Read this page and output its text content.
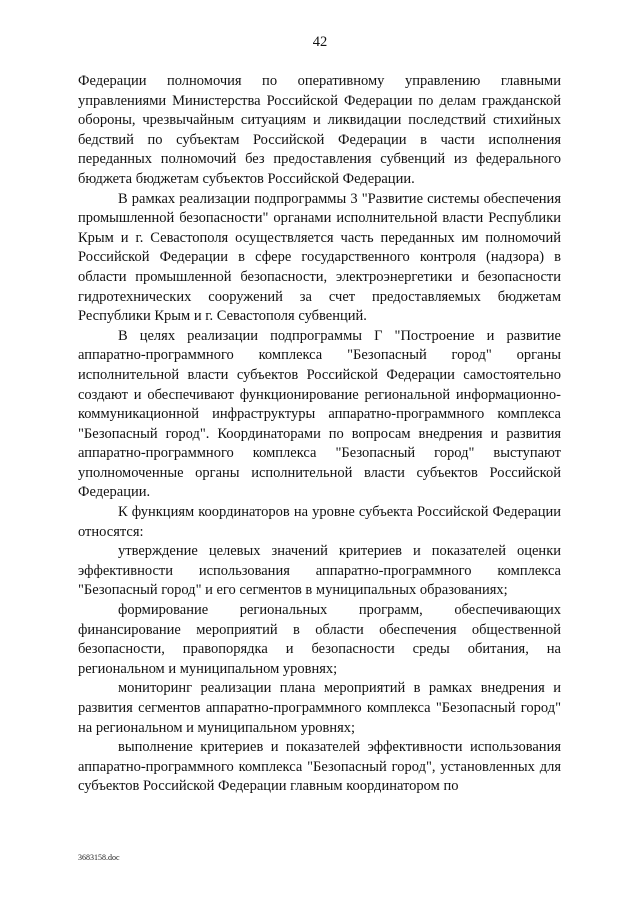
42

Федерации полномочия по оперативному управлению главными управлениями Министерства Российской Федерации по делам гражданской обороны, чрезвычайным ситуациям и ликвидации последствий стихийных бедствий по субъектам Российской Федерации в части исполнения переданных полномочий без предоставления субвенций из федерального бюджета бюджетам субъектов Российской Федерации.

В рамках реализации подпрограммы 3 "Развитие системы обеспечения промышленной безопасности" органами исполнительной власти Республики Крым и г. Севастополя осуществляется часть переданных им полномочий Российской Федерации в сфере государственного контроля (надзора) в области промышленной безопасности, электроэнергетики и безопасности гидротехнических сооружений за счет предоставляемых бюджетам Республики Крым и г. Севастополя субвенций.

В целях реализации подпрограммы Г "Построение и развитие аппаратно-программного комплекса "Безопасный город" органы исполнительной власти субъектов Российской Федерации самостоятельно создают и обеспечивают функционирование региональной информационно-коммуникационной инфраструктуры аппаратно-программного комплекса "Безопасный город". Координаторами по вопросам внедрения и развития аппаратно-программного комплекса "Безопасный город" выступают уполномоченные органы исполнительной власти субъектов Российской Федерации.

К функциям координаторов на уровне субъекта Российской Федерации относятся:

утверждение целевых значений критериев и показателей оценки эффективности использования аппаратно-программного комплекса "Безопасный город" и его сегментов в муниципальных образованиях;

формирование региональных программ, обеспечивающих финансирование мероприятий в области обеспечения общественной безопасности, правопорядка и безопасности среды обитания, на региональном и муниципальном уровнях;

мониторинг реализации плана мероприятий в рамках внедрения и развития сегментов аппаратно-программного комплекса "Безопасный город" на региональном и муниципальном уровнях;

выполнение критериев и показателей эффективности использования аппаратно-программного комплекса "Безопасный город", установленных для субъектов Российской Федерации главным координатором по

3683158.doc
